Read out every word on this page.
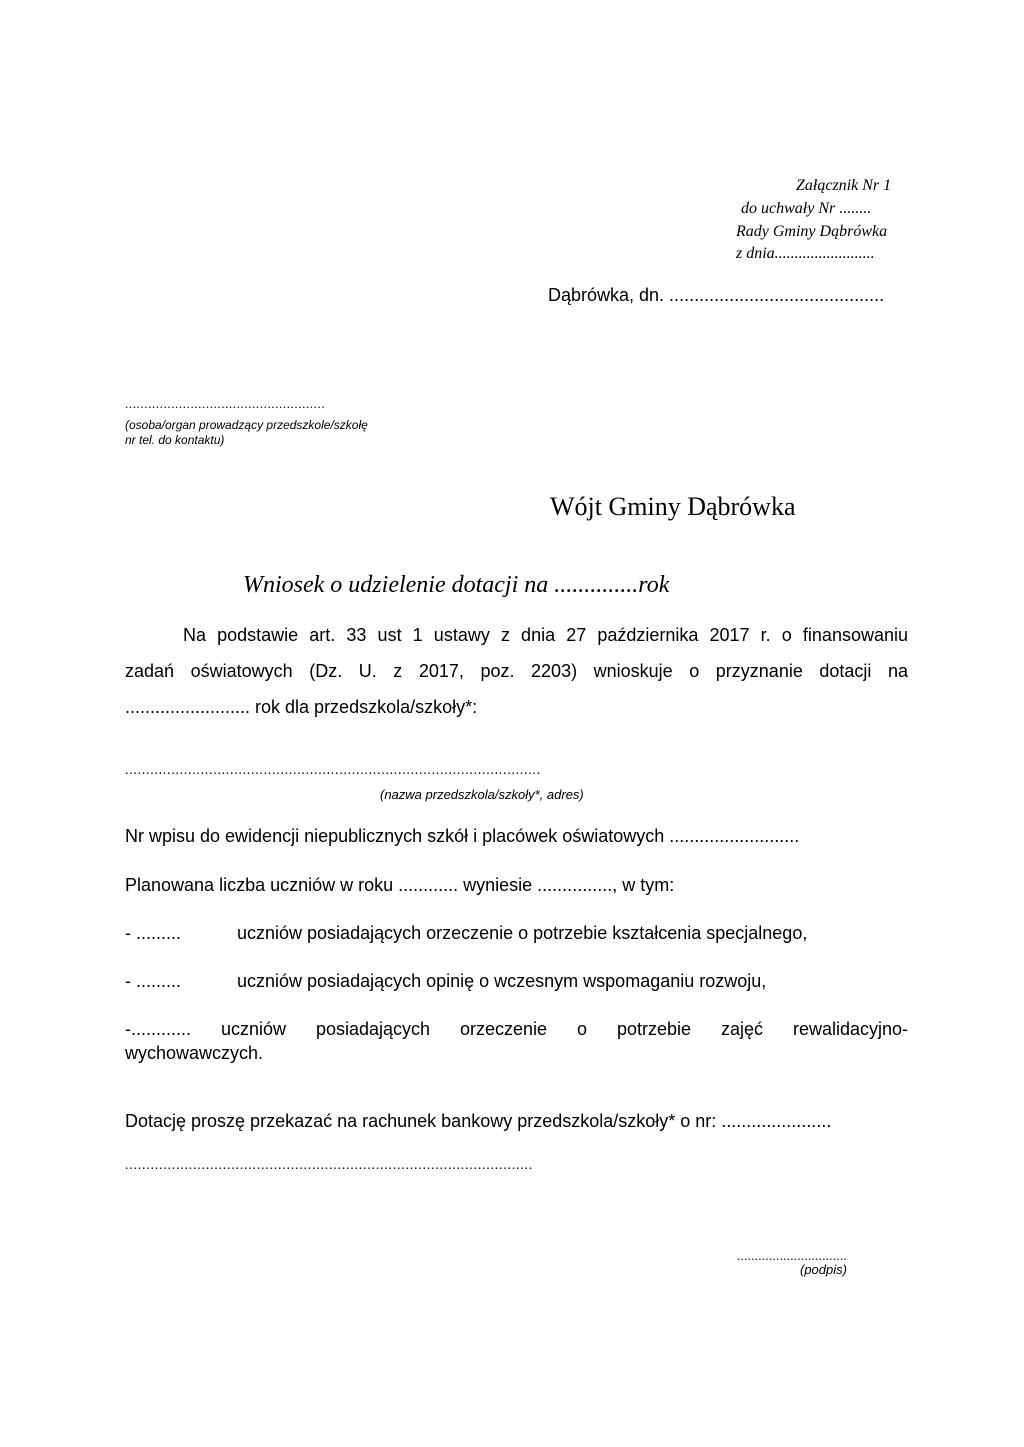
Załącznik Nr 1
do uchwały Nr ........
Rady Gminy Dąbrówka
z dnia.........................
Dąbrówka, dn. ...........................................
....................................................
(osoba/organ prowadzący przedszkole/szkołę
nr tel. do kontaktu)
Wójt Gminy Dąbrówka
Wniosek o udzielenie dotacji na ..............rok
Na podstawie art. 33 ust 1 ustawy z dnia 27 października 2017 r. o finansowaniu
zadań oświatowych (Dz. U. z 2017, poz. 2203) wnioskuje o przyznanie dotacji na
......................... rok dla przedszkola/szkoły*:
...................................................................................................
(nazwa przedszkola/szkoły*, adres)
Nr wpisu do ewidencji niepublicznych szkół i placówek oświatowych ..........................
Planowana liczba uczniów w roku ............ wyniesie ..............., w tym:
- .........	uczniów posiadających orzeczenie o potrzebie kształcenia specjalnego,
- .........	uczniów posiadających opinię o wczesnym wspomaganiu rozwoju,
-............ uczniów posiadających orzeczenie o potrzebie zajęć rewalidacyjno-
wychowawczych.
Dotację proszę przekazać na rachunek bankowy przedszkola/szkoły* o nr: ......................
................................................................................................
...............................
(podpis)
